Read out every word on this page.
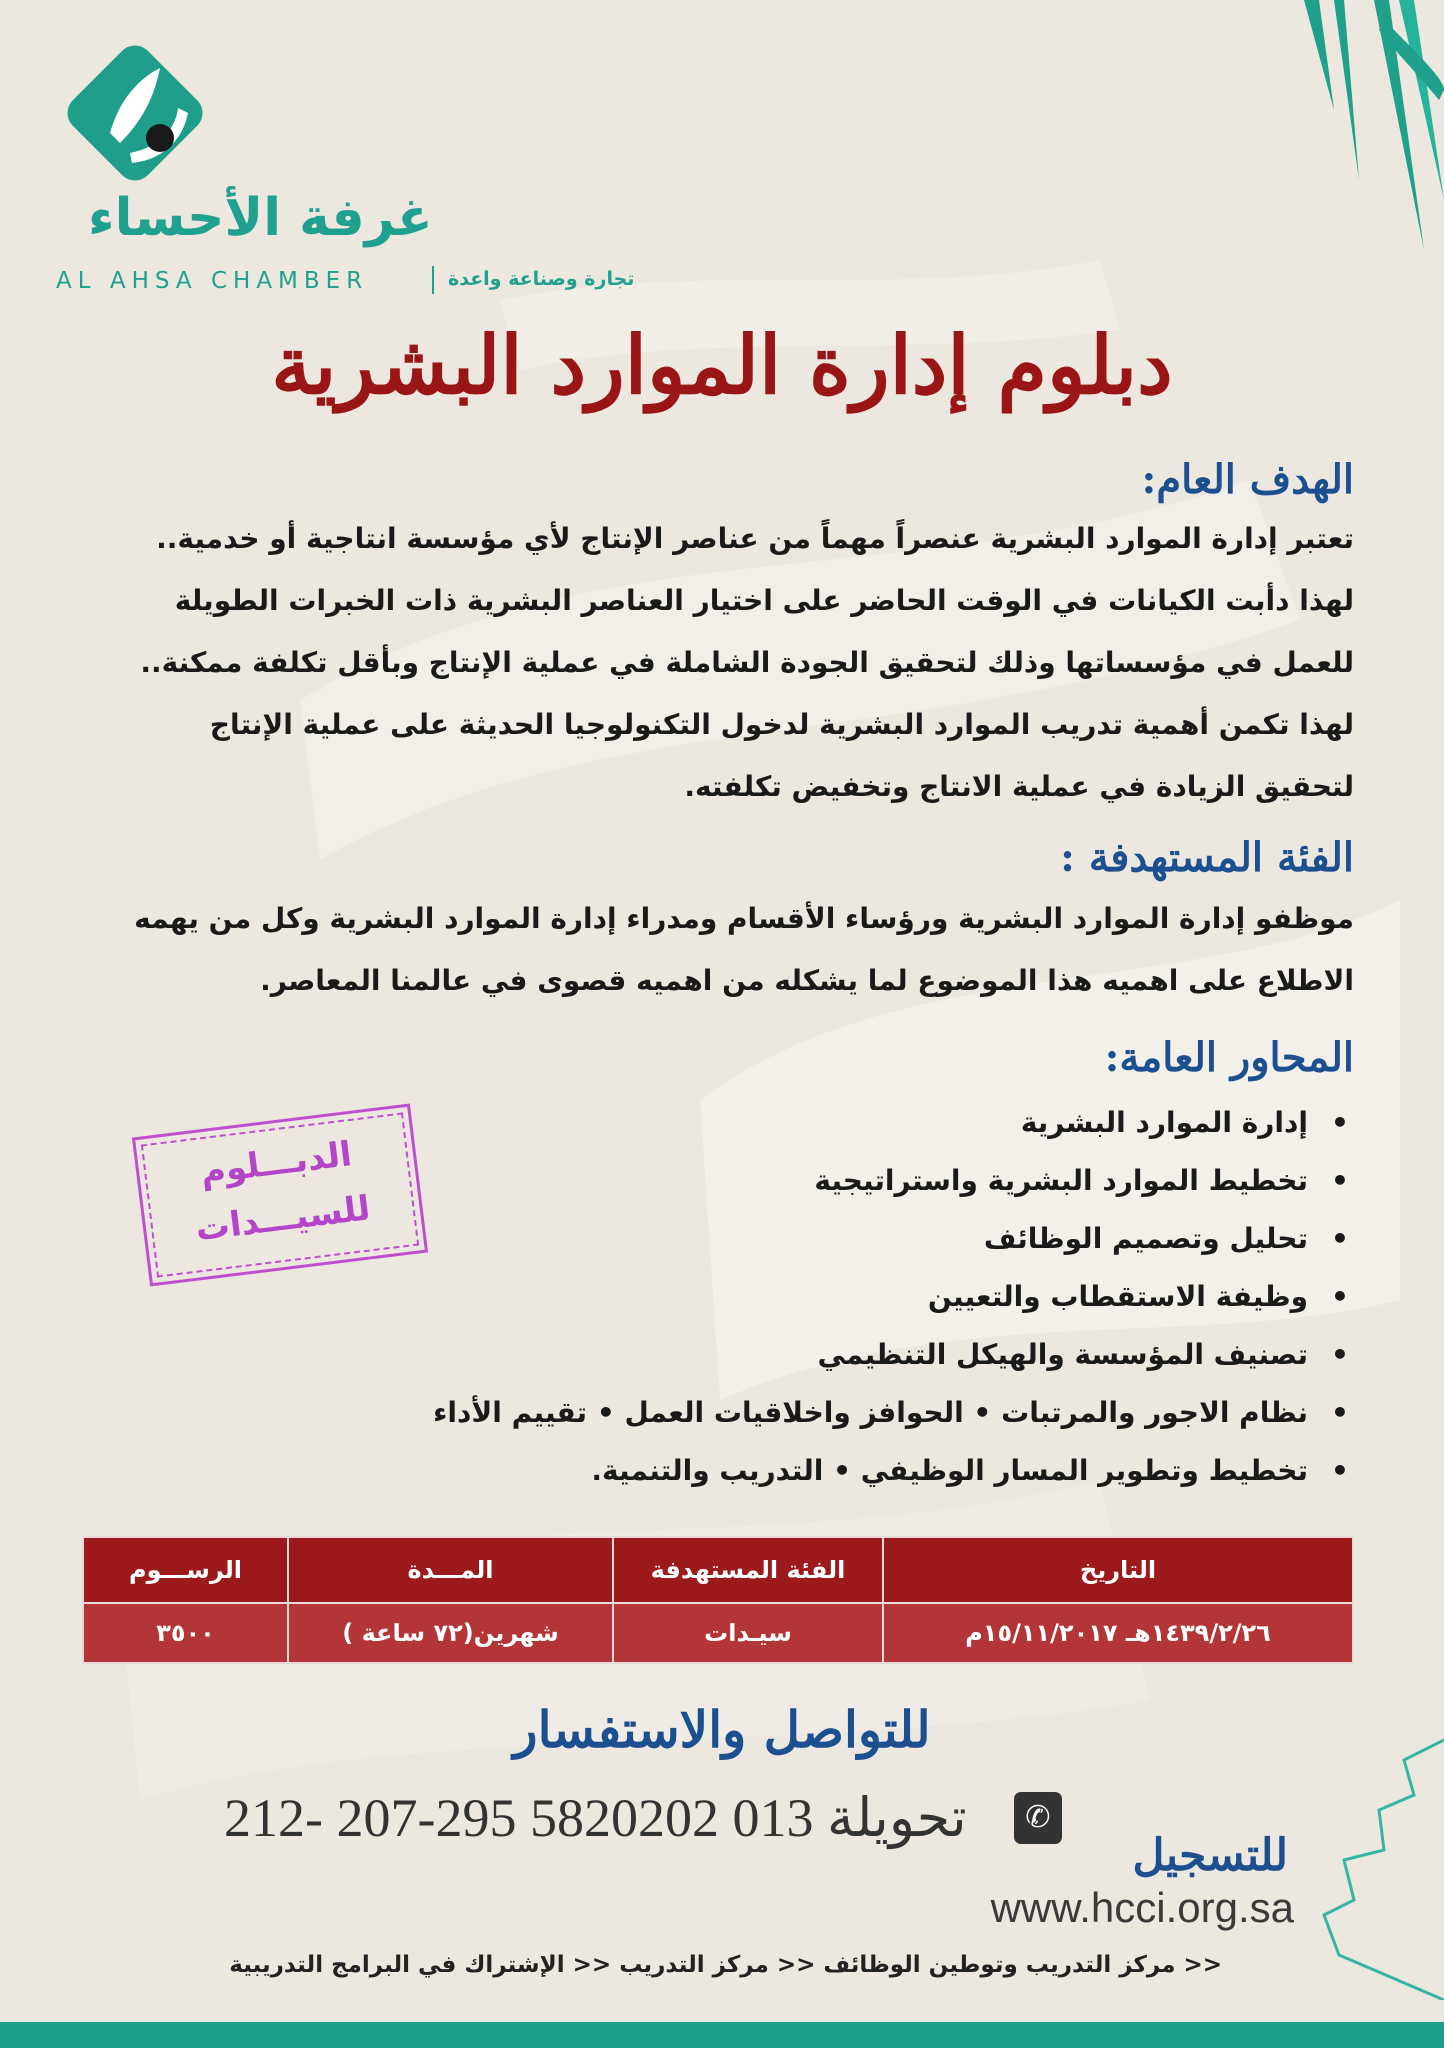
غرفة الأحساء
AL AHSA CHAMBER	تجارة وصناعة واعدة
دبلوم إدارة الموارد البشرية
الهدف العام:

تعتبر إدارة الموارد البشرية عنصراً مهماً من عناصر الإنتاج لأي مؤسسة انتاجية أو خدمية..

لهذا دأبت الكيانات في الوقت الحاضر على اختيار العناصر البشرية ذات الخبرات الطويلة

للعمل في مؤسساتها وذلك لتحقيق الجودة الشاملة في عملية الإنتاج وبأقل تكلفة ممكنة..

لهذا تكمن أهمية تدريب الموارد البشرية لدخول التكنولوجيا الحديثة على عملية الإنتاج

لتحقيق الزيادة في عملية الانتاج وتخفيض تكلفته.

الفئة المستهدفة :

موظفو إدارة الموارد البشرية ورؤساء الأقسام ومدراء إدارة الموارد البشرية وكل من يهمه

الاطلاع على اهميه هذا الموضوع لما يشكله من اهميه قصوى في عالمنا المعاصر.

المحاور العامة:
•إدارة الموارد البشرية
•تخطيط الموارد البشرية واستراتيجية
•تحليل وتصميم الوظائف
•وظيفة الاستقطاب والتعيين
•تصنيف المؤسسة والهيكل التنظيمي
•نظام الاجور والمرتبات • الحوافز واخلاقيات العمل • تقييم الأداء
•تخطيط وتطوير المسار الوظيفي • التدريب والتنمية.
الدبـــلوم
للسيـــدات
التاريخ	الفئة المستهدفة	المـــدة	الرســـوم
١٤٣٩/٢/٢٦هـ ١٥/١١/٢٠١٧م	سيـدات	شهرين(٧٢ ساعة )	٣٥٠٠
للتواصل والاستفسار
212- 207-295 تحويلة 013 5820202	✆
للتسجيل
www.hcci.org.sa
<< مركز التدريب وتوطين الوظائف << مركز التدريب << الإشتراك في البرامج التدريبية
